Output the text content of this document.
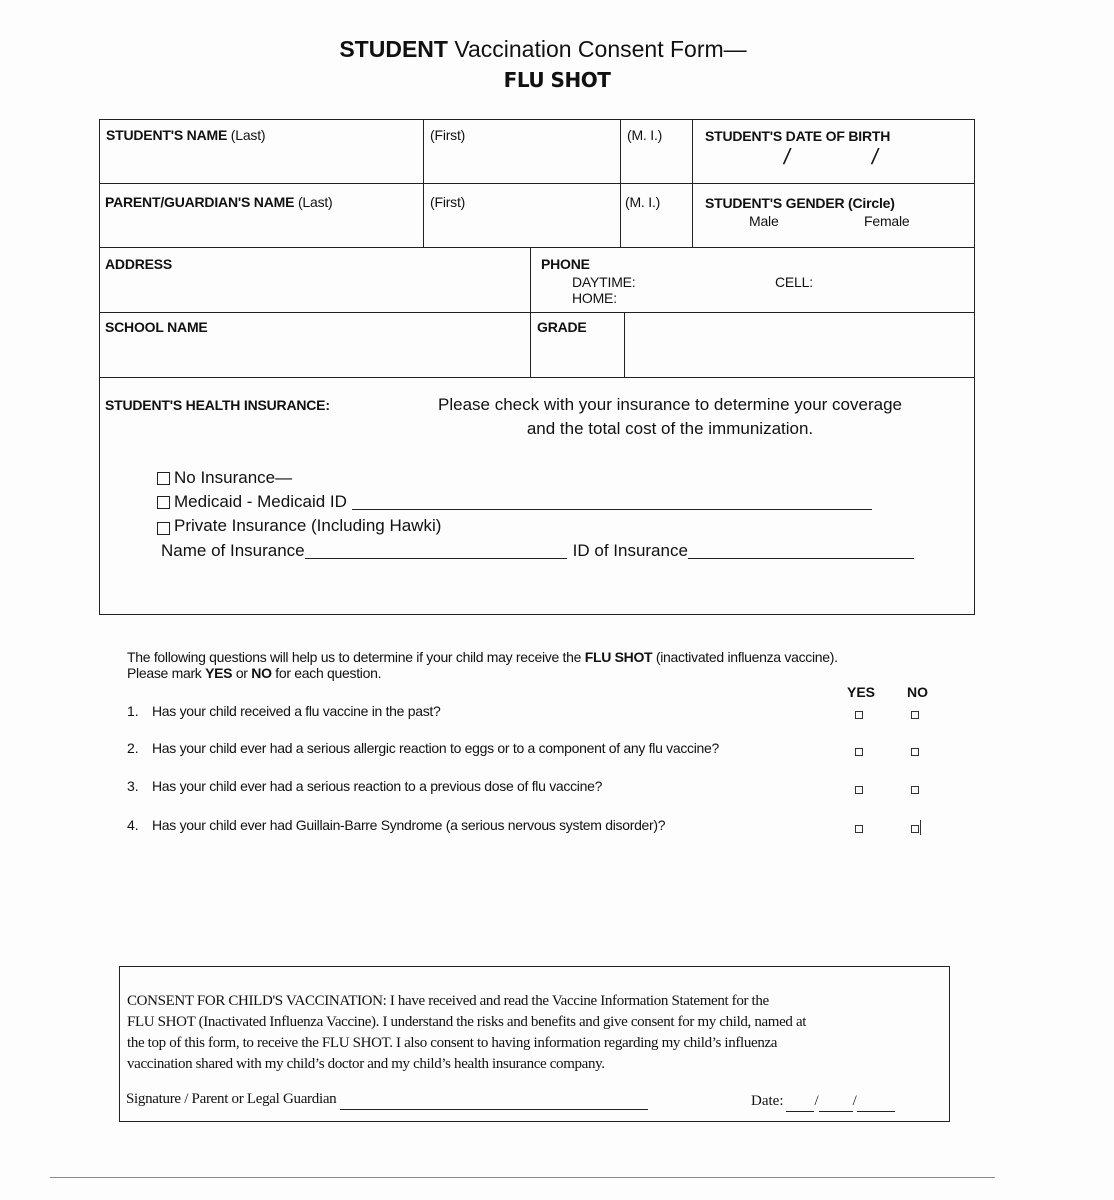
STUDENT Vaccination Consent Form—
FLU SHOT
STUDENT'S NAME (Last)	(First)	(M. I.)	STUDENT'S DATE OF BIRTH
/	/
PARENT/GUARDIAN'S NAME (Last)	(First)	(M. I.)	STUDENT'S GENDER (Circle)
Male	Female
ADDRESS	PHONE
DAYTIME:
HOME:
CELL:
SCHOOL NAME	GRADE
STUDENT'S HEALTH INSURANCE:	Please check with your insurance to determine your coverage
and the total cost of the immunization.
No Insurance—
Medicaid - Medicaid ID
Private Insurance (Including Hawki)
Name of Insurance	ID of Insurance
The following questions will help us to determine if your child may receive the FLU SHOT (inactivated influenza vaccine).
Please mark YES or NO for each question.
YES NO
1. Has your child received a flu vaccine in the past?
2. Has your child ever had a serious allergic reaction to eggs or to a component of any flu vaccine?
3. Has your child ever had a serious reaction to a previous dose of flu vaccine?
4. Has your child ever had Guillain-Barre Syndrome (a serious nervous system disorder)?
CONSENT FOR CHILD'S VACCINATION: I have received and read the Vaccine Information Statement for the
FLU SHOT (Inactivated Influenza Vaccine). I understand the risks and benefits and give consent for my child, named at
the top of this form, to receive the FLU SHOT. I also consent to having information regarding my child’s influenza
vaccination shared with my child’s doctor and my child’s health insurance company.
Signature / Parent or Legal Guardian	Date: / /
